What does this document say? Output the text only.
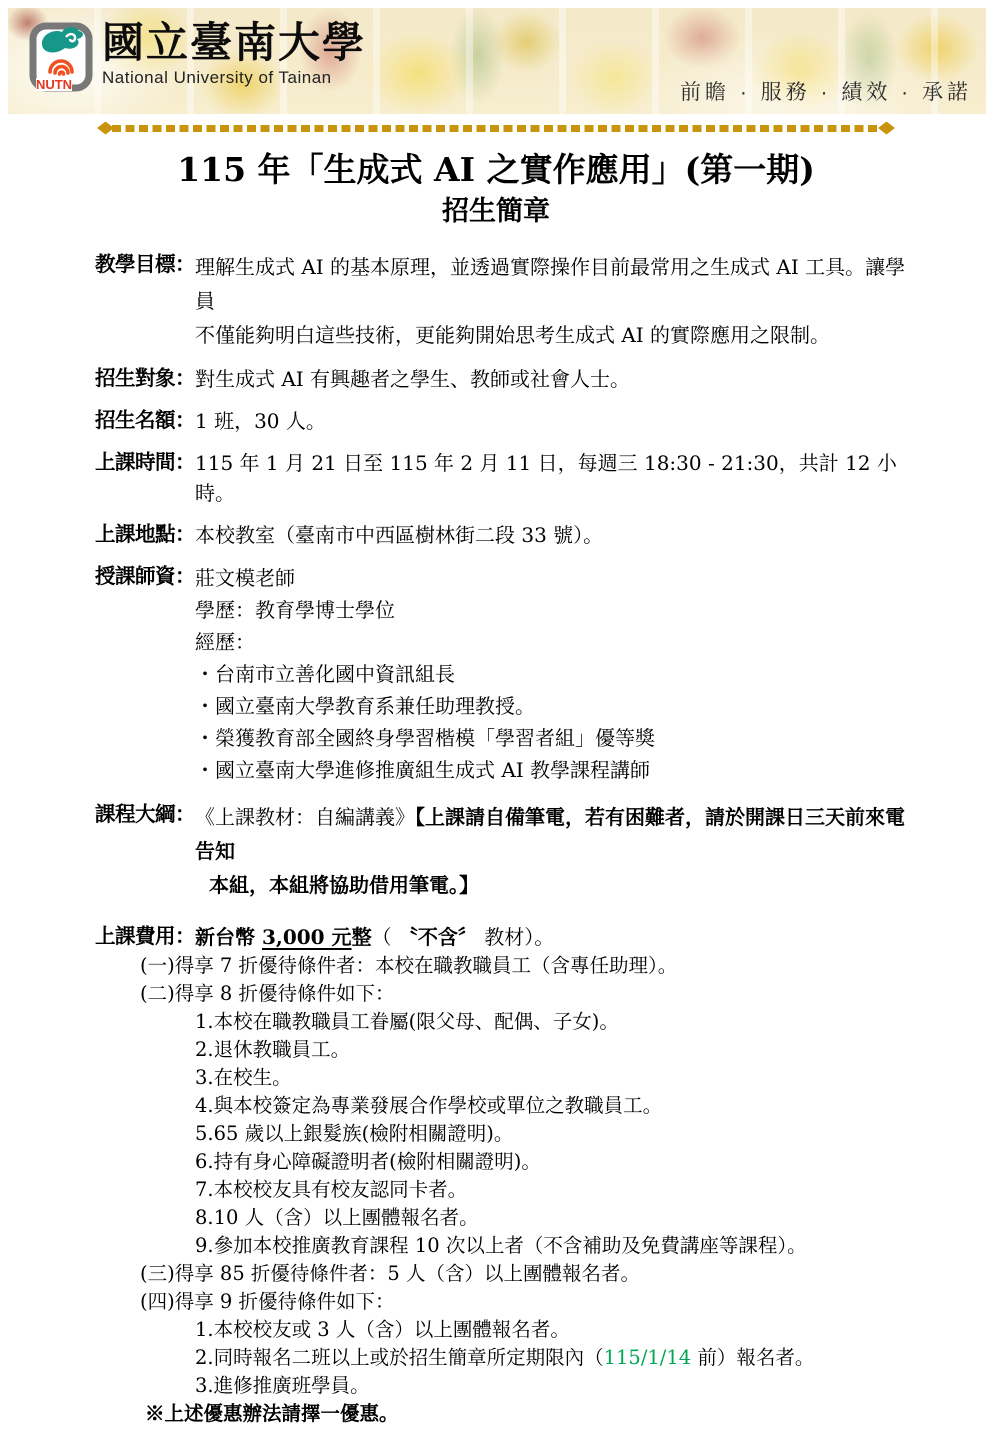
NUTN
國立臺南大學
National University of Tainan
前瞻 · 服務 · 績效 · 承諾
115 年「生成式 AI 之實作應用」(第一期)
招生簡章
教學目標： 理解生成式 AI 的基本原理，並透過實際操作目前最常用之生成式 AI 工具。讓學員
不僅能夠明白這些技術，更能夠開始思考生成式 AI 的實際應用之限制。
招生對象： 對生成式 AI 有興趣者之學生、教師或社會人士。
招生名額： 1 班，30 人。
上課時間： 115 年 1 月 21 日至 115 年 2 月 11 日，每週三 18:30 - 21:30，共計 12 小時。
上課地點： 本校教室（臺南市中西區樹林街二段 33 號）。
授課師資： 莊文模老師
學歷：教育學博士學位
經歷：
・台南市立善化國中資訊組長
・國立臺南大學教育系兼任助理教授。
・榮獲教育部全國終身學習楷模「學習者組」優等獎
・國立臺南大學進修推廣組生成式 AI 教學課程講師
課程大綱： 《上課教材：自編講義》【上課請自備筆電，若有困難者，請於開課日三天前來電告知
本組，本組將協助借用筆電。】
上課費用： 新台幣 3,000 元整（ 〝不含〞 教材）。
(一)得享 7 折優待條件者：本校在職教職員工（含專任助理）。
(二)得享 8 折優待條件如下：
1.本校在職教職員工眷屬(限父母、配偶、子女)。
2.退休教職員工。
3.在校生。
4.與本校簽定為專業發展合作學校或單位之教職員工。
5.65 歲以上銀髮族(檢附相關證明)。
6.持有身心障礙證明者(檢附相關證明)。
7.本校校友具有校友認同卡者。
8.10 人（含）以上團體報名者。
9.參加本校推廣教育課程 10 次以上者（不含補助及免費講座等課程）。
(三)得享 85 折優待條件者：5 人（含）以上團體報名者。
(四)得享 9 折優待條件如下：
1.本校校友或 3 人（含）以上團體報名者。
2.同時報名二班以上或於招生簡章所定期限內（115/1/14 前）報名者。
3.進修推廣班學員。
※上述優惠辦法請擇一優惠。
